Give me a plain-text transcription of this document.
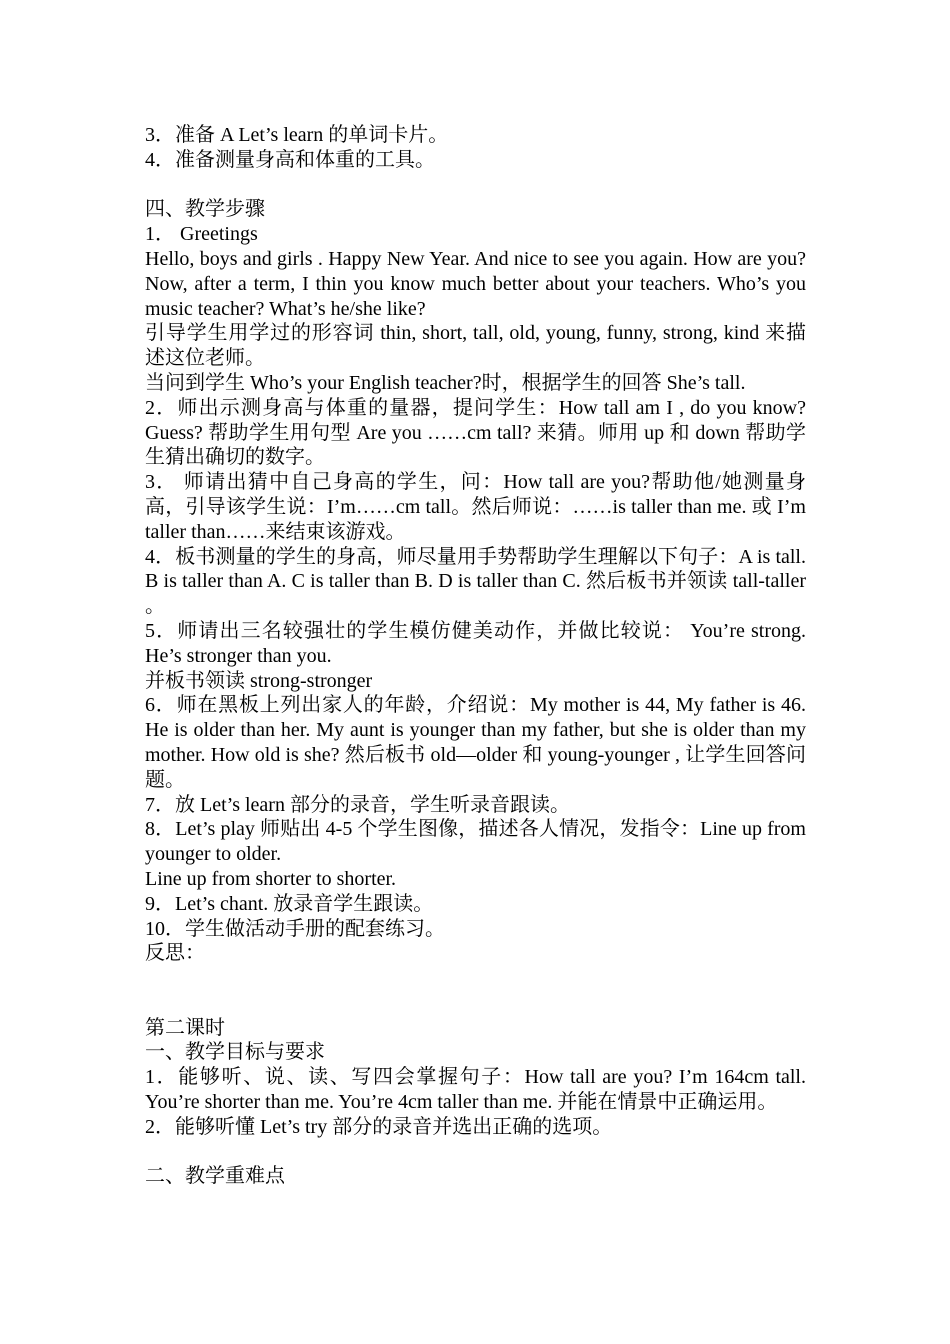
3．准备 A Let’s learn 的单词卡片。

4．准备测量身高和体重的工具。

四、教学步骤

1． Greetings

Hello, boys and girls . Happy New Year. And nice to see you again. How are you? Now, after a term, I thin you know much better about your teachers. Who’s you music teacher? What’s he/she like?

引导学生用学过的形容词 thin, short, tall, old, young, funny, strong, kind 来描述这位老师。

当问到学生 Who’s your English teacher?时，根据学生的回答 She’s tall.

2．师出示测身高与体重的量器，提问学生：How tall am I , do you know? Guess? 帮助学生用句型 Are you ……cm tall? 来猜。师用 up 和 down 帮助学生猜出确切的数字。

3． 师请出猜中自己身高的学生，问：How tall are you?帮助他/她测量身高，引导该学生说：I’m……cm tall。然后师说：……is taller than me. 或 I’m taller than……来结束该游戏。

4．板书测量的学生的身高，师尽量用手势帮助学生理解以下句子：A is tall. B is taller than A. C is taller than B. D is taller than C. 然后板书并领读 tall-taller 。

5．师请出三名较强壮的学生模仿健美动作，并做比较说： You’re strong. He’s stronger than you.

并板书领读 strong-stronger

6．师在黑板上列出家人的年龄，介绍说：My mother is 44, My father is 46. He is older than her. My aunt is younger than my father, but she is older than my mother. How old is she? 然后板书 old—older 和 young-younger , 让学生回答问题。

7．放 Let’s learn 部分的录音，学生听录音跟读。

8．Let’s play 师贴出 4-5 个学生图像，描述各人情况，发指令：Line up from younger to older.

Line up from shorter to shorter.

9．Let’s chant. 放录音学生跟读。

10．学生做活动手册的配套练习。

反思：

第二课时

一、教学目标与要求

1．能够听、说、读、写四会掌握句子：How tall are you? I’m 164cm tall. You’re shorter than me. You’re 4cm taller than me. 并能在情景中正确运用。

2．能够听懂 Let’s try 部分的录音并选出正确的选项。

二、教学重难点
